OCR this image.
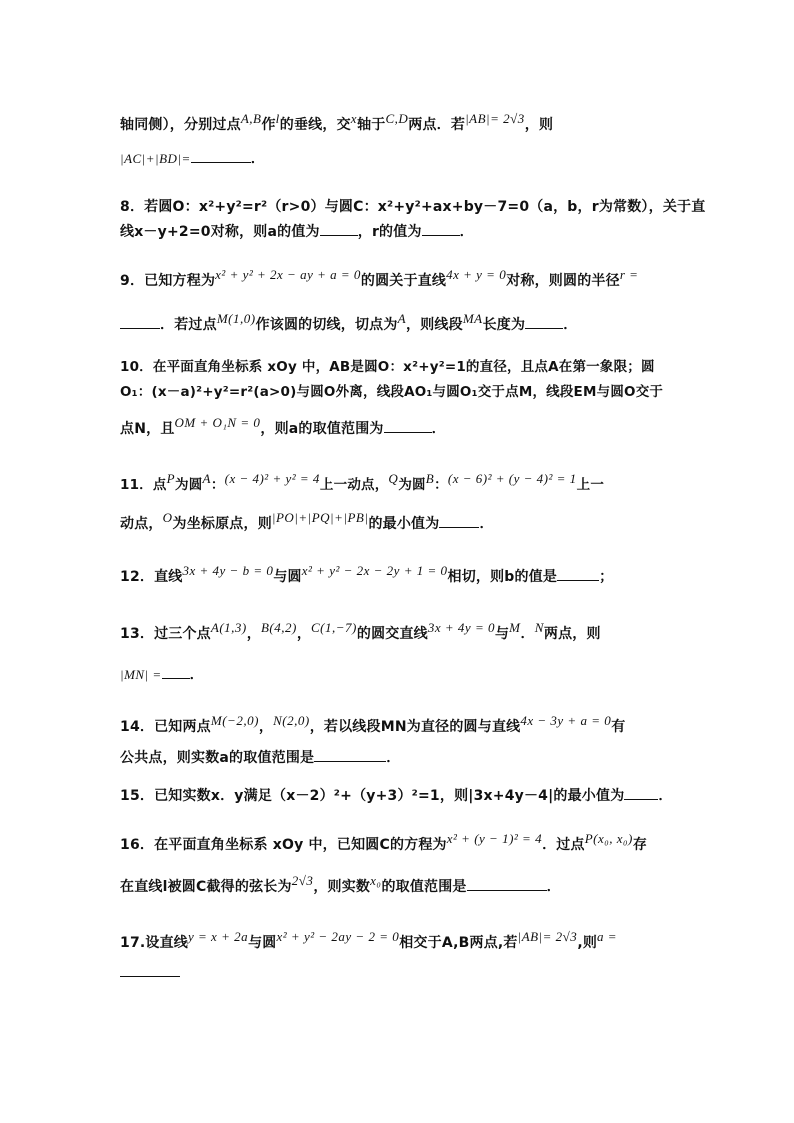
轴同侧），分别过点A,B作l的垂线，交x轴于C,D两点．若|AB|= 2√3，则
|AC|+|BD|=	．
8．若圆O：x²+y²=r²（r>0）与圆C：x²+y²+ax+by－7=0（a，b，r为常数），关于直
线x－y+2=0对称，则a的值为	，r的值为	．
9．已知方程为x² + y² + 2x − ay + a = 0的圆关于直线4x + y = 0对称，则圆的半径r =
．若过点M(1,0)作该圆的切线，切点为A，则线段MA长度为	．
10．在平面直角坐标系 xOy 中，AB是圆O：x²+y²=1的直径，且点A在第一象限；圆
O₁：(x－a)²+y²=r²(a>0)与圆O外离，线段AO₁与圆O₁交于点M，线段EM与圆O交于
点N，且OM + O₁N = 0，则a的取值范围为	．
11．点P为圆A：(x − 4)² + y² = 4上一动点，Q为圆B：(x − 6)² + (y − 4)² = 1上一
动点，O为坐标原点，则|PO|+|PQ|+|PB|的最小值为	．
12．直线3x + 4y − b = 0与圆x² + y² − 2x − 2y + 1 = 0相切，则b的值是	；
13．过三个点A(1,3)，B(4,2)，C(1,−7)的圆交直线3x + 4y = 0与M．N两点，则
|MN| = ．
14．已知两点M(−2,0)，N(2,0)，若以线段MN为直径的圆与直线4x − 3y + a = 0有
公共点，则实数a的取值范围是	．
15．已知实数x．y满足（x－2）²+（y+3）²=1，则|3x+4y－4|的最小值为 ．
16．在平面直角坐标系 xOy 中，已知圆C的方程为x² + (y − 1)² = 4．过点P(x₀, x₀)存
在直线l被圆C截得的弦长为2√3，则实数x₀的取值范围是	．
17.设直线y = x + 2a与圆x² + y² − 2ay − 2 = 0相交于A,B两点,若|AB|= 2√3,则a =
